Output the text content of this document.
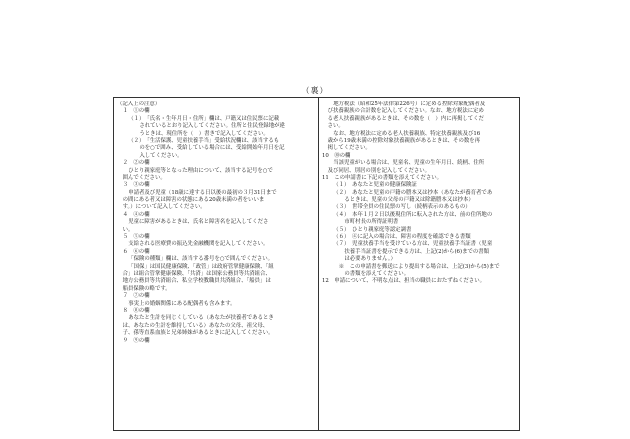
（裏）
（記入上の注意）
１　①の欄
（１）　「氏名・生年月日・住所」欄は、戸籍又は住民票に記載
されているとおり記入してください。住所と住民登録地が違
うときは、現住所を（　）書きで記入してください。
（２）　「生活保護、児童扶養手当」受給状況欄は、該当するも
のを○で囲み、受給している場合には、受給開始年月日を記
入してください。
２　②の欄
ひとり親家庭等となった理由について、該当する記号を○で
囲んでください。
３　③の欄
申請者及び児童（18歳に達する日以後の最初の３月31日まで
の間にある者又は障害の状態にある20歳未満の者をいいま
す。）について記入してください。
４　④の欄
児童に障害があるときは、氏名と障害名を記入してくださ
い。
５　⑤の欄
支給される医療費の振込先金融機関を記入してください。
６　⑥の欄
「保険の種類」欄は、該当する番号を○で囲んでください。
「国保」は国民健康保険、「政管」は政府管掌健康保険、「組
合」は組合管掌健康保険、「共済」は国家公務員等共済組合、
地方公務員等共済組合、私立学校教職員共済組合、「船員」は
船員保険の略です。
７　⑦の欄
事実上の婚姻関係にある配偶者も含みます。
８　⑧の欄
あなたと生計を同じくしている（あなたが扶養者であるとき
は、あなたの生計を維持している）あなたの父母、祖父母、
子、孫等直系血族と兄弟姉妹があるときに記入してください。
９　⑨の欄
地方税法（昭和25年法律第226号）に定める控除対象配偶者及
び扶養親族の合計数を記入してください。なお、地方税法に定め
る老人扶養親族があるときは、その数を（　）内に再掲してくだ
さい。
なお、地方税法に定める老人扶養親族、特定扶養親族及び16
歳から19歳未満の控除対象扶養親族があるときは、その数を再
掲してください。
10　⑩の欄
当該児童がいる場合は、児童名、児童の生年月日、続柄、住所
及び同居、別居の別を記入してください。
11　この申請書に下記の書類を添えてください。
（１）　あなたと児童の健康保険証
（２）　あなたと児童の戸籍の謄本又は抄本（あなたが養育者であ
るときは、児童の父母の戸籍又は除籍謄本又は抄本）
（３）　世帯全員の住民票の写し（続柄表示のあるもの）
（４）　本年１月２日以後現住所に転入された方は、前の住所地の
市町村長の所得証明書
（５）　ひとり親家庭等認定調書
（６）　④に記入の場合は、障害の程度を確認できる書類
（７）　児童扶養手当を受けている方は、児童扶養手当証書（児童
扶養手当証書を提示できる方は、上記(2)から(6)までの書類
は必要ありません。）
※　この申請書を郵送により提出する場合は、上記(3)から(5)まで
の書類を添えてください。
12　申請について、不明な点は、担当の職員におたずねください。
